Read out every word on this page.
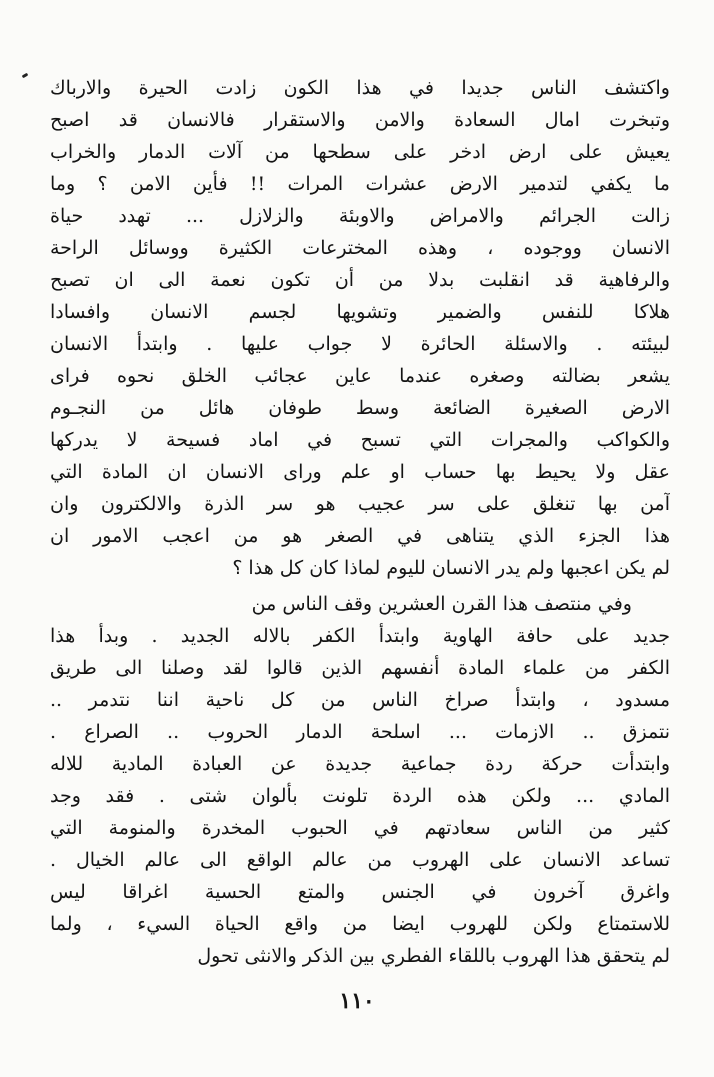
واكتشف الناس جديدا في هذا الكون زادت الحيرة والارباك
وتبخرت امال السعادة والامن والاستقرار فالانسان قد اصبح
يعيش على ارض ادخر على سطحها من آلات الدمار والخراب
ما يكفي لتدمير الارض عشرات المرات !! فأين الامن ؟ وما
زالت الجرائم والامراض والاوبئة والزلازل ... تهدد حياة
الانسان ووجوده ، وهذه المخترعات الكثيرة ووسائل الراحة
والرفاهية قد انقلبت بدلا من أن تكون نعمة الى ان تصبح
هلاكا للنفس والضمير وتشويها لجسم الانسان وافسادا
لبيئته . والاسئلة الحائرة لا جواب عليها . وابتدأ الانسان
يشعر بضالته وصغره عندما عاين عجائب الخلق نحوه فراى
الارض الصغيرة الضائعة وسط طوفان هائل من النجـوم
والكواكب والمجرات التي تسبح في اماد فسيحة لا يدركها
عقل ولا يحيط بها حساب او علم وراى الانسان ان المادة التي
آمن بها تنغلق على سر عجيب هو سر الذرة والالكترون وان
هذا الجزء الذي يتناهى في الصغر هو من اعجب الامور ان
لم يكن اعجبها ولم يدر الانسان لليوم لماذا كان كل هذا ؟
وفي منتصف هذا القرن العشرين وقف الناس من
جديد على حافة الهاوية وابتدأ الكفر بالاله الجديد . وبدأ هذا
الكفر من علماء المادة أنفسهم الذين قالوا لقد وصلنا الى طريق
مسدود ، وابتدأ صراخ الناس من كل ناحية اننا نتدمر ..
نتمزق .. الازمات ... اسلحة الدمار الحروب .. الصراع .
وابتدأت حركة ردة جماعية جديدة عن العبادة المادية للاله
المادي ... ولكن هذه الردة تلونت بألوان شتى . فقد وجد
كثير من الناس سعادتهم في الحبوب المخدرة والمنومة التي
تساعد الانسان على الهروب من عالم الواقع الى عالم الخيال .
واغرق آخرون في الجنس والمتع الحسية اغراقا ليس
للاستمتاع ولكن للهروب ايضا من واقع الحياة السيء ، ولما
لم يتحقق هذا الهروب باللقاء الفطري بين الذكر والانثى تحول
١١٠
